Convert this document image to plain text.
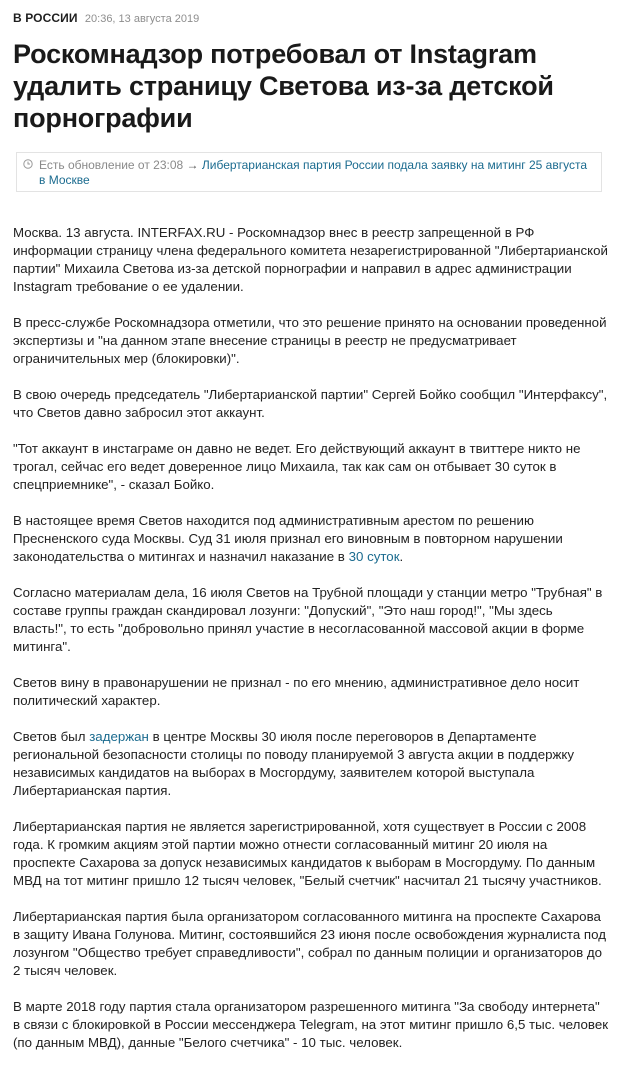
В РОССИИ 20:36, 13 августа 2019
Роскомнадзор потребовал от Instagram удалить страницу Светова из-за детской порнографии
Есть обновление от 23:08 → Либертарианская партия России подала заявку на митинг 25 августа в Москве

Москва. 13 августа. INTERFAX.RU - Роскомнадзор внес в реестр запрещенной в РФ информации страницу члена федерального комитета незарегистрированной "Либертарианской партии" Михаила Светова из-за детской порнографии и направил в адрес администрации Instagram требование о ее удалении.

В пресс-службе Роскомнадзора отметили, что это решение принято на основании проведенной экспертизы и "на данном этапе внесение страницы в реестр не предусматривает ограничительных мер (блокировки)".

В свою очередь председатель "Либертарианской партии" Сергей Бойко сообщил "Интерфаксу", что Светов давно забросил этот аккаунт.

"Тот аккаунт в инстаграме он давно не ведет. Его действующий аккаунт в твиттере никто не трогал, сейчас его ведет доверенное лицо Михаила, так как сам он отбывает 30 суток в спецприемнике", - сказал Бойко.

В настоящее время Светов находится под административным арестом по решению Пресненского суда Москвы. Суд 31 июля признал его виновным в повторном нарушении законодательства о митингах и назначил наказание в 30 суток.

Согласно материалам дела, 16 июля Светов на Трубной площади у станции метро "Трубная" в составе группы граждан скандировал лозунги: "Допуский", "Это наш город!", "Мы здесь власть!", то есть "добровольно принял участие в несогласованной массовой акции в форме митинга".

Светов вину в правонарушении не признал - по его мнению, административное дело носит политический характер.

Светов был задержан в центре Москвы 30 июля после переговоров в Департаменте региональной безопасности столицы по поводу планируемой 3 августа акции в поддержку независимых кандидатов на выборах в Мосгордуму, заявителем которой выступала Либертарианская партия.

Либертарианская партия не является зарегистрированной, хотя существует в России с 2008 года. К громким акциям этой партии можно отнести согласованный митинг 20 июля на проспекте Сахарова за допуск независимых кандидатов к выборам в Мосгордуму. По данным МВД на тот митинг пришло 12 тысяч человек, "Белый счетчик" насчитал 21 тысячу участников.

Либертарианская партия была организатором согласованного митинга на проспекте Сахарова в защиту Ивана Голунова. Митинг, состоявшийся 23 июня после освобождения журналиста под лозунгом "Общество требует справедливости", собрал по данным полиции и организаторов до 2 тысяч человек.

В марте 2018 году партия стала организатором разрешенного митинга "За свободу интернета" в связи с блокировкой в России мессенджера Telegram, на этот митинг пришло 6,5 тыс. человек (по данным МВД), данные "Белого счетчика" - 10 тыс. человек.
